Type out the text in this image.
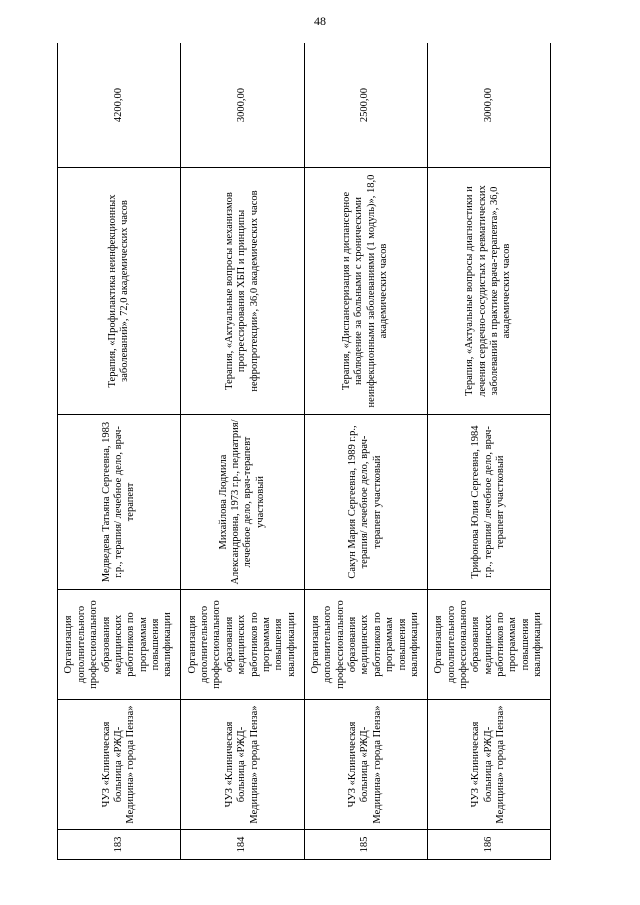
48
183	ЧУЗ «Клиническая больница «РЖД-Медицина» города Пенза»	Организация дополнительного профессионального образования медицинских работников по программам повышения квалификации	Медведева Татьяна Сергеевна, 1983 г.р., терапия/ лечебное дело, врач-терапевт	Терапия, «Профилактика неинфекционных заболеваний», 72,0 академических часов	4200,00
184	ЧУЗ «Клиническая больница «РЖД-Медицина» города Пенза»	Организация дополнительного профессионального образования медицинских работников по программам повышения квалификации	Михайлова Людмила Александровна, 1973 г.р., педиатрия/ лечебное дело, врач-терапевт участковый	Терапия, «Актуальные вопросы механизмов прогрессирования ХБП и принципы нефропротекции», 36,0 академических часов	3000,00
185	ЧУЗ «Клиническая больница «РЖД-Медицина» города Пенза»	Организация дополнительного профессионального образования медицинских работников по программам повышения квалификации	Сакун Мария Сергеевна, 1989 г.р., терапия/ лечебное дело, врач-терапевт участковый	Терапия, «Диспансеризация и диспансерное наблюдение за больными с хроническими неинфекционными заболеваниями (1 модуль)», 18,0 академических часов	2500,00
186	ЧУЗ «Клиническая больница «РЖД-Медицина» города Пенза»	Организация дополнительного профессионального образования медицинских работников по программам повышения квалификации	Трифонова Юлия Сергеевна, 1984 г.р., терапия/ лечебное дело, врач-терапевт участковый	Терапия, «Актуальные вопросы диагностики и лечения сердечно-сосудистых и ревматических заболеваний в практике врача-терапевта», 36,0 академических часов	3000,00
